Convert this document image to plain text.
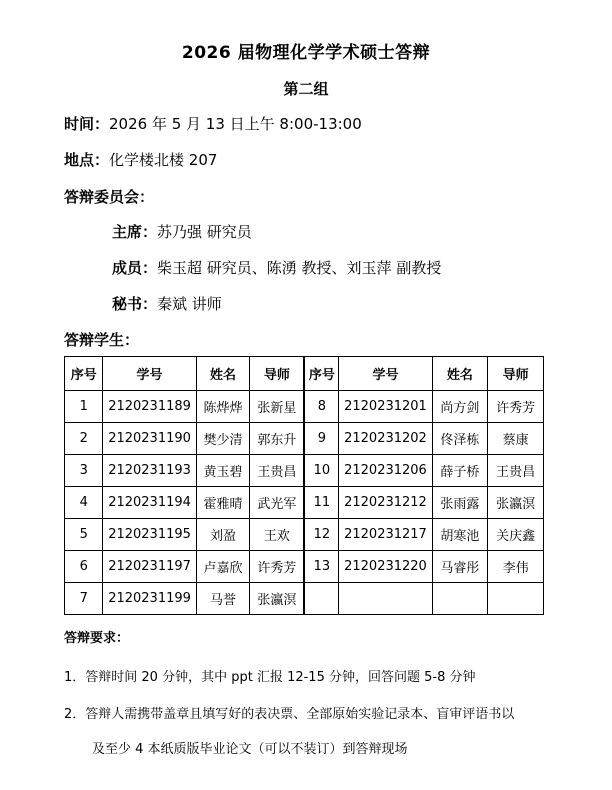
2026 届物理化学学术硕士答辩
第二组
时间：2026 年 5 月 13 日上午 8:00-13:00
地点：化学楼北楼 207
答辩委员会：
主席：苏乃强 研究员
成员：柴玉超 研究员、陈湧 教授、刘玉萍 副教授
秘书：秦斌 讲师
答辩学生：
序号	学号	姓名	导师	序号	学号	姓名	导师
1	2120231189	陈烨烨	张新星	8	2120231201	尚方剑	许秀芳
2	2120231190	樊少清	郭东升	9	2120231202	佟泽栋	蔡康
3	2120231193	黄玉碧	王贵昌	10	2120231206	薛子桥	王贵昌
4	2120231194	霍雅晴	武光军	11	2120231212	张雨露	张瀛溟
5	2120231195	刘盈	王欢	12	2120231217	胡寒池	关庆鑫
6	2120231197	卢嘉欣	许秀芳	13	2120231220	马睿彤	李伟
7	2120231199	马誉	张瀛溟				
答辩要求：
1．答辩时间 20 分钟，其中 ppt 汇报 12-15 分钟，回答问题 5-8 分钟
2．答辩人需携带盖章且填写好的表决票、全部原始实验记录本、盲审评语书以
及至少 4 本纸质版毕业论文（可以不装订）到答辩现场
